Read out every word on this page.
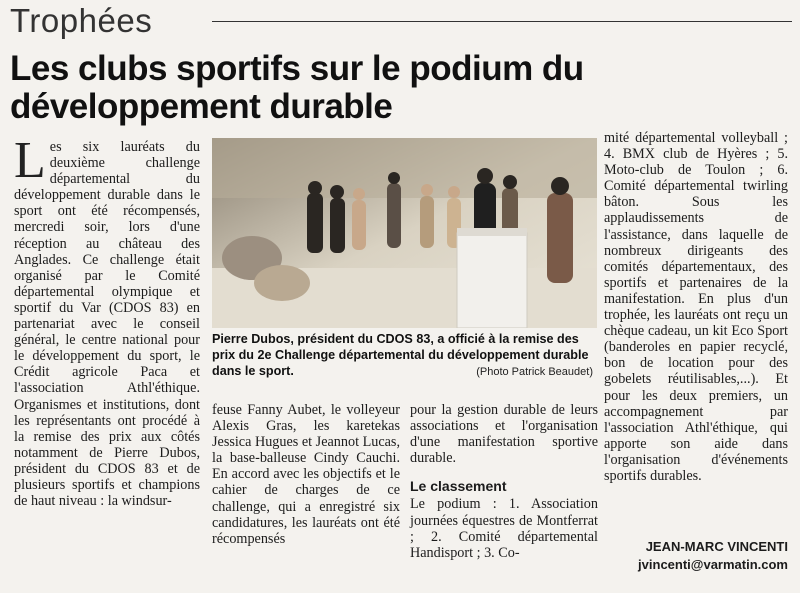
Trophées
Les clubs sportifs sur le podium du développement durable

Les six lauréats du deuxième challenge départemental du développement durable dans le sport ont été récompensés, mercredi soir, lors d'une réception au château des Anglades. Ce challenge était organisé par le Comité départemental olympique et sportif du Var (CDOS 83) en partenariat avec le conseil général, le centre national pour le développement du sport, le Crédit agricole Paca et l'association Athl'éthique. Organismes et institutions, dont les représentants ont procédé à la remise des prix aux côtés notamment de Pierre Dubos, président du CDOS 83 et de plusieurs sportifs et champions de haut niveau : la windsur-

Pierre Dubos, président du CDOS 83, a officié à la remise des prix du 2e Challenge départemental du développement durable dans le sport.	(Photo Patrick Beaudet)

feuse Fanny Aubet, le volleyeur Alexis Gras, les karetekas Jessica Hugues et Jeannot Lucas, la base-balleuse Cindy Cauchi. En accord avec les objectifs et le cahier de charges de ce challenge, qui a enregistré six candidatures, les lauréats ont été récompensés

pour la gestion durable de leurs associations et l'organisation d'une manifestation sportive durable.

Le classement

Le podium : 1. Association journées équestres de Montferrat ; 2. Comité départemental Handisport ; 3. Co-

mité départemental volleyball ; 4. BMX club de Hyères ; 5. Moto-club de Toulon ; 6. Comité départemental twirling bâton. Sous les applaudissements de l'assistance, dans laquelle de nombreux dirigeants des comités départementaux, des sportifs et partenaires de la manifestation. En plus d'un trophée, les lauréats ont reçu un chèque cadeau, un kit Eco Sport (banderoles en papier recyclé, bon de location pour des gobelets réutilisables,...). Et pour les deux premiers, un accompagnement par l'association Athl'éthique, qui apporte son aide dans l'organisation d'événements sportifs durables.

JEAN-MARC VINCENTI
jvincenti@varmatin.com
